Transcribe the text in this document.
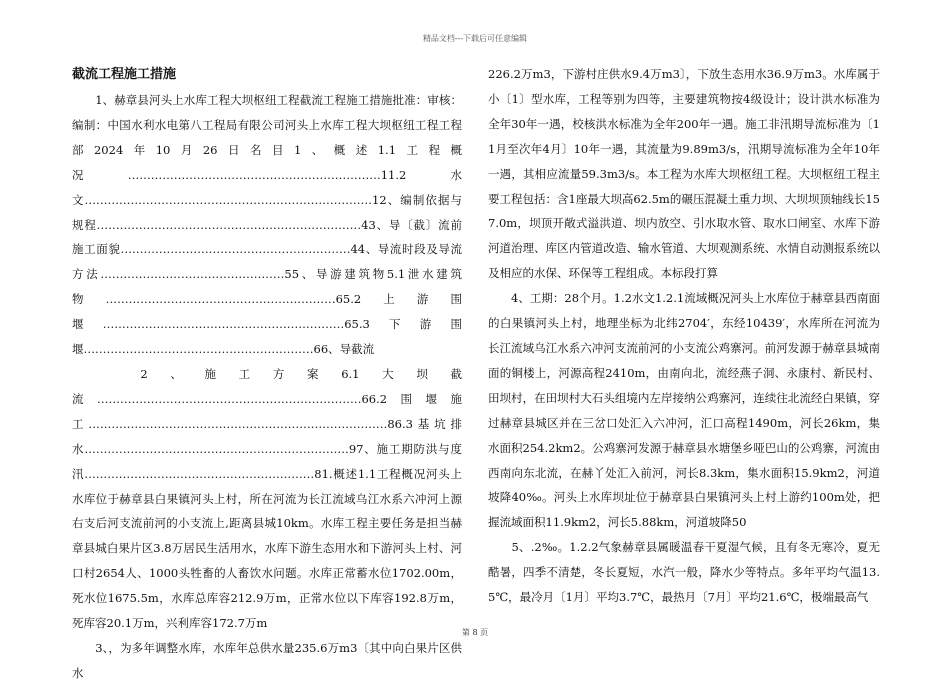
精品文档---下载后可任意编辑

截流工程施工措施

　　1、赫章县河头上水库工程大坝枢纽工程截流工程施工措施批准：审核：编制：中国水利水电第八工程局有限公司河头上水库工程大坝枢纽工程工程部2024年10月26日名目1、概述1.1工程概况…………………………………………………………11.2水文…………………………………………………………………12、编制依据与规程……………………………………………………………43、导〔截〕流前施工面貌……………………………………………………44、导流时段及导流方法…………………………………………55、导游建筑物5.1泄水建筑物……………………………………………………65.2上游围堰………………………………………………………65.3下游围堰……………………………………………………66、导截流

　　2、施工方案6.1大坝截流……………………………………………………………66.2围堰施工……………………………………………………………………86.3基坑排水……………………………………………………………97、施工期防洪与度汛……………………………………………………81.概述1.1工程概况河头上水库位于赫章县白果镇河头上村，所在河流为长江流域乌江水系六冲河上源右支后河支流前河的小支流上,距离县城10km。水库工程主要任务是担当赫章县城白果片区3.8万居民生活用水，水库下游生态用水和下游河头上村、河口村2654人、1000头牲畜的人畜饮水问题。水库正常蓄水位1702.00m，死水位1675.5m，水库总库容212.9万m，正常水位以下库容192.8万m，死库容20.1万m，兴利库容172.7万m

　　3、，为多年调整水库，水库年总供水量235.6万m3〔其中向白果片区供水

226.2万m3，下游村庄供水9.4万m3〕，下放生态用水36.9万m3。水库属于小〔1〕型水库，工程等别为四等，主要建筑物按4级设计；设计洪水标准为全年30年一遇，校核洪水标准为全年200年一遇。施工非汛期导流标准为〔11月至次年4月〕10年一遇，其流量为9.89m3/s，汛期导流标准为全年10年一遇，其相应流量59.3m3/s。本工程为水库大坝枢纽工程。大坝枢纽工程主要工程包括：含1座最大坝高62.5m的碾压混凝土重力坝、大坝坝顶轴线长157.0m，坝顶开敞式溢洪道、坝内放空、引水取水管、取水口闸室、水库下游河道治理、库区内管道改造、输水管道、大坝观测系统、水情自动测报系统以及相应的水保、环保等工程组成。本标段打算

　　4、工期：28个月。1.2水文1.2.1流域概况河头上水库位于赫章县西南面的白果镇河头上村，地理坐标为北纬2704′，东经10439′，水库所在河流为长江流域乌江水系六冲河支流前河的小支流公鸡寨河。前河发源于赫章县城南面的铜楼上，河源高程2410m，由南向北，流经燕子洞、永康村、新民村、田坝村，在田坝村大石头组境内左岸接纳公鸡寨河，连续往北流经白果镇，穿过赫章县城区并在三岔口处汇入六冲河，汇口高程1490m，河长26km，集水面积254.2km2。公鸡寨河发源于赫章县水塘堡乡哑巴山的公鸡寨，河流由西南向东北流，在赫丫处汇入前河，河长8.3km，集水面积15.9km2，河道坡降40‰。河头上水库坝址位于赫章县白果镇河头上村上游约100m处，把握流域面积11.9km2，河长5.88km，河道坡降50

　　5、.2‰。1.2.2气象赫章县属暖温春干夏湿气候，且有冬无寒冷，夏无酷暑，四季不清楚，冬长夏短，水汽一般，降水少等特点。多年平均气温13.5℃，最冷月〔1月〕平均3.7℃，最热月〔7月〕平均21.6℃，极端最高气

第 8 页
